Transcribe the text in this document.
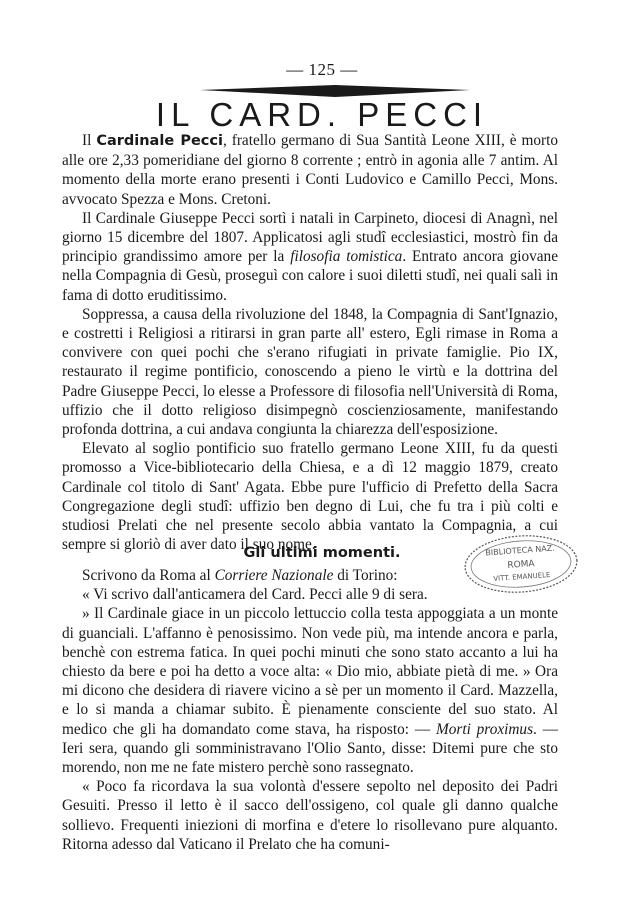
— 125 —
IL CARD. PECCI

Il Cardinale Pecci, fratello germano di Sua Santità Leone XIII, è morto alle ore 2,33 pomeridiane del giorno 8 corrente ; entrò in agonia alle 7 antim. Al momento della morte erano presenti i Conti Ludovico e Camillo Pecci, Mons. avvocato Spezza e Mons. Cretoni.

Il Cardinale Giuseppe Pecci sortì i natali in Carpineto, diocesi di Anagnì, nel giorno 15 dicembre del 1807. Applicatosi agli studî ecclesiastici, mostrò fin da principio grandissimo amore per la filosofia tomistica. Entrato ancora giovane nella Compagnia di Gesù, proseguì con calore i suoi diletti studî, nei quali salì in fama di dotto eruditissimo.

Soppressa, a causa della rivoluzione del 1848, la Compagnia di Sant'Ignazio, e costretti i Religiosi a ritirarsi in gran parte all' estero, Egli rimase in Roma a convivere con quei pochi che s'erano rifugiati in private famiglie. Pio IX, restaurato il regime pontificio, conoscendo a pieno le virtù e la dottrina del Padre Giuseppe Pecci, lo elesse a Professore di filosofia nell'Università di Roma, uffizio che il dotto religioso disimpegnò coscienziosamente, manifestando profonda dottrina, a cui andava congiunta la chiarezza dell'esposizione.

Elevato al soglio pontificio suo fratello germano Leone XIII, fu da questi promosso a Vice-bibliotecario della Chiesa, e a dì 12 maggio 1879, creato Cardinale col titolo di Sant' Agata. Ebbe pure l'ufficio di Prefetto della Sacra Congregazione degli studî: uffizio ben degno di Lui, che fu tra i più colti e studiosi Prelati che nel presente secolo abbia vantato la Compagnia, a cui sempre si gloriò di aver dato il suo nome.

Gli ultimi momenti.	BIBLIOTECA NAZ.
ROMA
VITT. EMANUELE

Scrivono da Roma al Corriere Nazionale di Torino:

« Vi scrivo dall'anticamera del Card. Pecci alle 9 di sera.

» Il Cardinale giace in un piccolo lettuccio colla testa appoggiata a un monte di guanciali. L'affanno è penosissimo. Non vede più, ma intende ancora e parla, benchè con estrema fatica. In quei pochi minuti che sono stato accanto a lui ha chiesto da bere e poi ha detto a voce alta: « Dio mio, abbiate pietà di me. » Ora mi dicono che desidera di riavere vicino a sè per un momento il Card. Mazzella, e lo si manda a chiamar subito. È pienamente consciente del suo stato. Al medico che gli ha domandato come stava, ha risposto: — Morti proximus. — Ieri sera, quando gli somministravano l'Olio Santo, disse: Ditemi pure che sto morendo, non me ne fate mistero perchè sono rassegnato.

« Poco fa ricordava la sua volontà d'essere sepolto nel deposito dei Padri Gesuiti. Presso il letto è il sacco dell'ossigeno, col quale gli danno qualche sollievo. Frequenti iniezioni di morfina e d'etere lo risollevano pure alquanto. Ritorna adesso dal Vaticano il Prelato che ha comuni-
